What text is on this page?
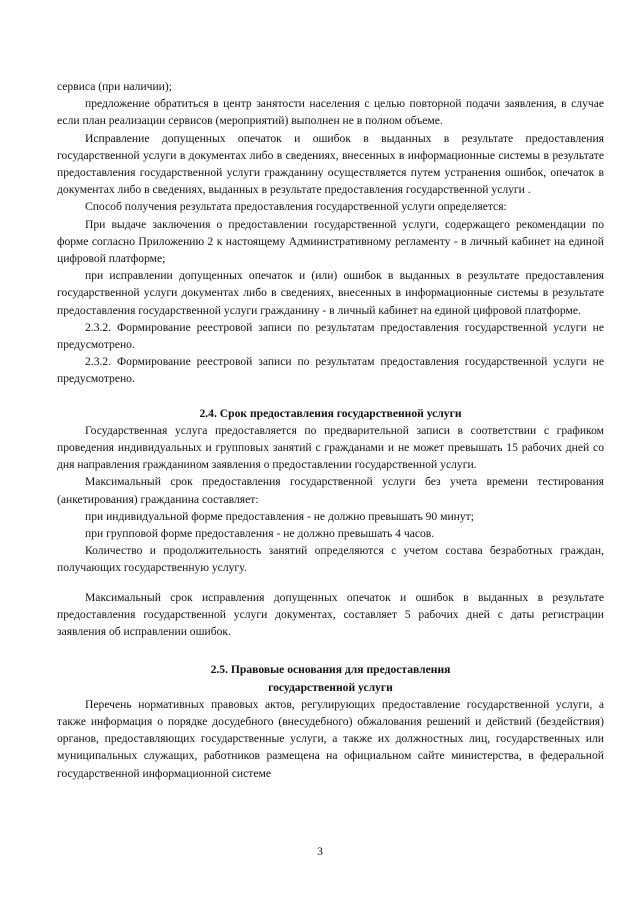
сервиса (при наличии);

предложение обратиться в центр занятости населения с целью повторной подачи заявления, в случае если план реализации сервисов (мероприятий) выполнен не в полном объеме.

Исправление допущенных опечаток и ошибок в выданных в результате предоставления государственной услуги в документах либо в сведениях, внесенных в информационные системы в результате предоставления государственной услуги гражданину осуществляется путем устранения ошибок, опечаток в документах либо в сведениях, выданных в результате предоставления государственной услуги .

Способ получения результата предоставления государственной услуги определяется:

При выдаче заключения о предоставлении государственной услуги, содержащего рекомендации по форме согласно Приложению 2 к настоящему Административному регламенту - в личный кабинет на единой цифровой платформе;

при исправлении допущенных опечаток и (или) ошибок в выданных в результате предоставления государственной услуги документах либо в сведениях, внесенных в информационные системы в результате предоставления государственной услуги гражданину - в личный кабинет на единой цифровой платформе.

2.3.2. Формирование реестровой записи по результатам предоставления государственной услуги не предусмотрено.

2.3.2. Формирование реестровой записи по результатам предоставления государственной услуги не предусмотрено.

2.4. Срок предоставления государственной услуги

Государственная услуга предоставляется по предварительной записи в соответствии с графиком проведения индивидуальных и групповых занятий с гражданами и не может превышать 15 рабочих дней со дня направления гражданином заявления о предоставлении государственной услуги.

Максимальный срок предоставления государственной услуги без учета времени тестирования (анкетирования) гражданина составляет:

при индивидуальной форме предоставления - не должно превышать 90 минут;

при групповой форме предоставления - не должно превышать 4 часов.

Количество и продолжительность занятий определяются с учетом состава безработных граждан, получающих государственную услугу.

Максимальный срок исправления допущенных опечаток и ошибок в выданных в результате предоставления государственной услуги документах, составляет 5 рабочих дней с даты регистрации заявления об исправлении ошибок.

2.5. Правовые основания для предоставления

государственной услуги

Перечень нормативных правовых актов, регулирующих предоставление государственной услуги, а также информация о порядке досудебного (внесудебного) обжалования решений и действий (бездействия) органов, предоставляющих государственные услуги, а также их должностных лиц, государственных или муниципальных служащих, работников размещена на официальном сайте министерства, в федеральной государственной информационной системе

3
